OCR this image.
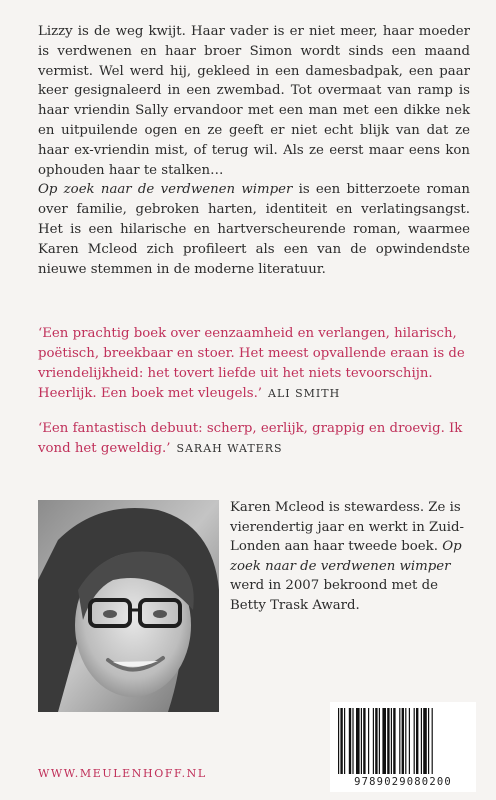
Lizzy is de weg kwijt. Haar vader is er niet meer, haar moeder is verdwenen en haar broer Simon wordt sinds een maand vermist. Wel werd hij, gekleed in een damesbadpak, een paar keer gesignaleerd in een zwembad. Tot overmaat van ramp is haar vriendin Sally ervandoor met een man met een dikke nek en uitpuilende ogen en ze geeft er niet echt blijk van dat ze haar ex-vriendin mist, of terug wil. Als ze eerst maar eens kon ophouden haar te stalken…

Op zoek naar de verdwenen wimper is een bitterzoete roman over familie, gebroken harten, identiteit en verlatingsangst. Het is een hilarische en hartverscheurende roman, waarmee Karen Mcleod zich profileert als een van de opwindendste nieuwe stemmen in de moderne literatuur.

‘Een prachtig boek over eenzaamheid en verlangen, hilarisch, poëtisch, breekbaar en stoer. Het meest opvallende eraan is de vriendelijkheid: het tovert liefde uit het niets tevoorschijn. Heerlijk. Een boek met vleugels.’ ALI SMITH

‘Een fantastisch debuut: scherp, eerlijk, grappig en droevig. Ik vond het geweldig.’ SARAH WATERS

Karen Mcleod is stewardess. Ze is vierendertig jaar en werkt in Zuid-Londen aan haar tweede boek. Op zoek naar de verdwenen wimper werd in 2007 bekroond met de Betty Trask Award.

WWW.MEULENHOFF.NL
9789029080200
